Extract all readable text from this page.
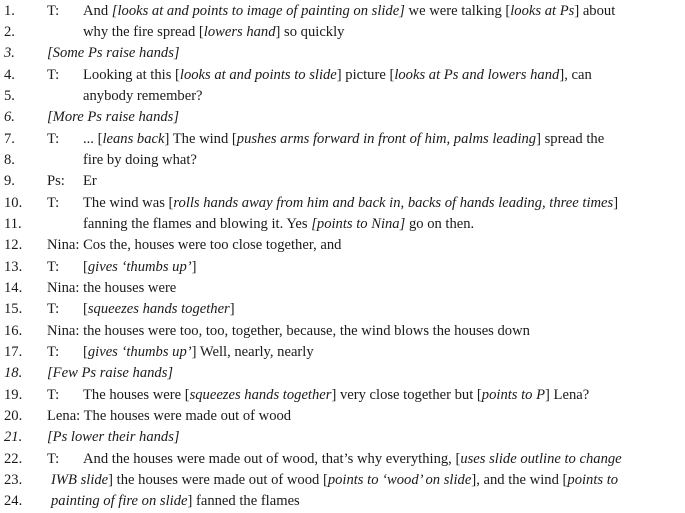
1. T: And [looks at and points to image of painting on slide] we were talking [looks at Ps] about
2.	why the fire spread [lowers hand] so quickly
3. [Some Ps raise hands]
4. T: Looking at this [looks at and points to slide] picture [looks at Ps and lowers hand], can
5.	anybody remember?
6. [More Ps raise hands]
7. T: ... [leans back] The wind [pushes arms forward in front of him, palms leading] spread the
8.	fire by doing what?
9. Ps: Er
10. T: The wind was [rolls hands away from him and back in, backs of hands leading, three times]
11.	fanning the flames and blowing it. Yes [points to Nina] go on then.
12. Nina: Cos the, houses were too close together, and
13. T: [gives ‘thumbs up’]
14. Nina: the houses were
15. T: [squeezes hands together]
16. Nina: the houses were too, too, together, because, the wind blows the houses down
17. T: [gives ‘thumbs up’] Well, nearly, nearly
18. [Few Ps raise hands]
19. T: The houses were [squeezes hands together] very close together but [points to P] Lena?
20. Lena: The houses were made out of wood
21. [Ps lower their hands]
22. T: And the houses were made out of wood, that’s why everything, [uses slide outline to change
23. IWB slide] the houses were made out of wood [points to ‘wood’ on slide], and the wind [points to
24. painting of fire on slide] fanned the flames
